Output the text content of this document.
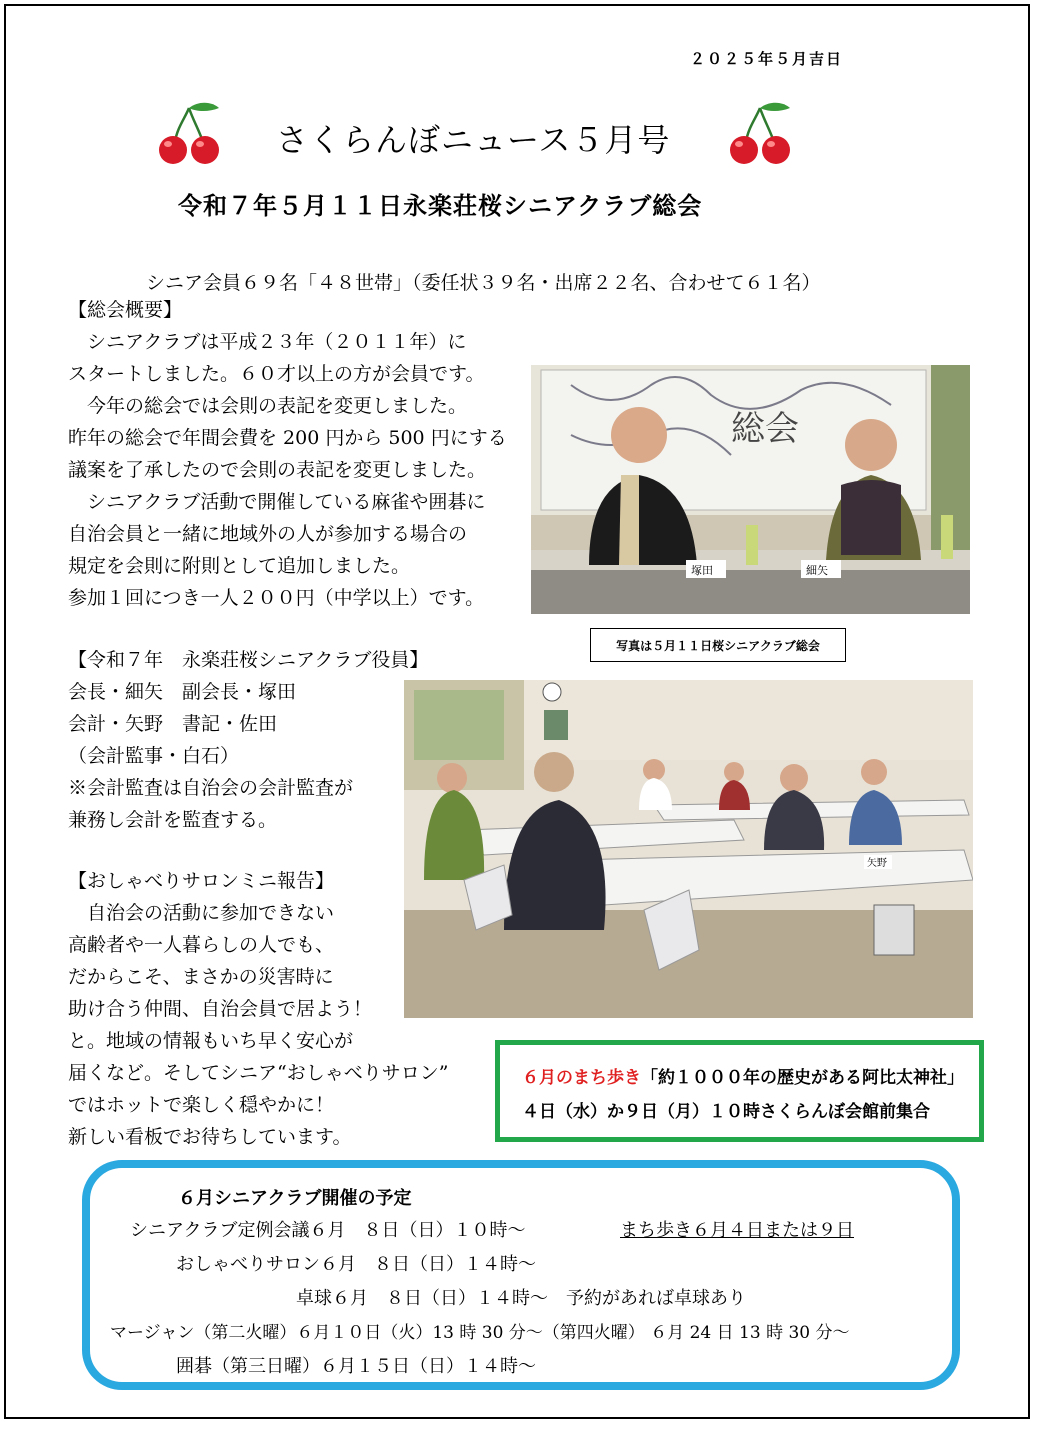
２０２５年５月吉日
さくらんぼニュース５月号
令和７年５月１１日永楽荘桜シニアクラブ総会
シニア会員６９名「４８世帯」（委任状３９名・出席２２名、合わせて６１名）
【総会概要】
　シニアクラブは平成２３年（２０１１年）に
スタートしました。６０才以上の方が会員です。
　今年の総会では会則の表記を変更しました。
昨年の総会で年間会費を 200 円から 500 円にする
議案を了承したので会則の表記を変更しました。
　シニアクラブ活動で開催している麻雀や囲碁に
自治会員と一緒に地域外の人が参加する場合の
規定を会則に附則として追加しました。
参加１回につき一人２００円（中学以上）です。
総会
塚田	細矢
写真は５月１１日桜シニアクラブ総会
【令和７年　永楽荘桜シニアクラブ役員】
会長・細矢　副会長・塚田
会計・矢野　書記・佐田
（会計監事・白石）
※会計監査は自治会の会計監査が
兼務し会計を監査する。
矢野
【おしゃべりサロンミニ報告】
　自治会の活動に参加できない
高齢者や一人暮らしの人でも、
だからこそ、まさかの災害時に
助け合う仲間、自治会員で居よう！
と。地域の情報もいち早く安心が
届くなど。そしてシニア“おしゃべりサロン”
ではホットで楽しく穏やかに！
新しい看板でお待ちしています。
６月のまち歩き「約１０００年の歴史がある阿比太神社」
４日（水）か９日（月）１０時さくらんぼ会館前集合
６月シニアクラブ開催の予定
シニアクラブ定例会議６月　８日（日）１０時〜	まち歩き６月４日または９日
おしゃべりサロン６月　８日（日）１４時〜
卓球６月　８日（日）１４時〜　予約があれば卓球あり
マージャン（第二火曜）６月１０日（火）13 時 30 分〜（第四火曜） ６月 24 日 13 時 30 分〜
囲碁（第三日曜）６月１５日（日）１４時〜
